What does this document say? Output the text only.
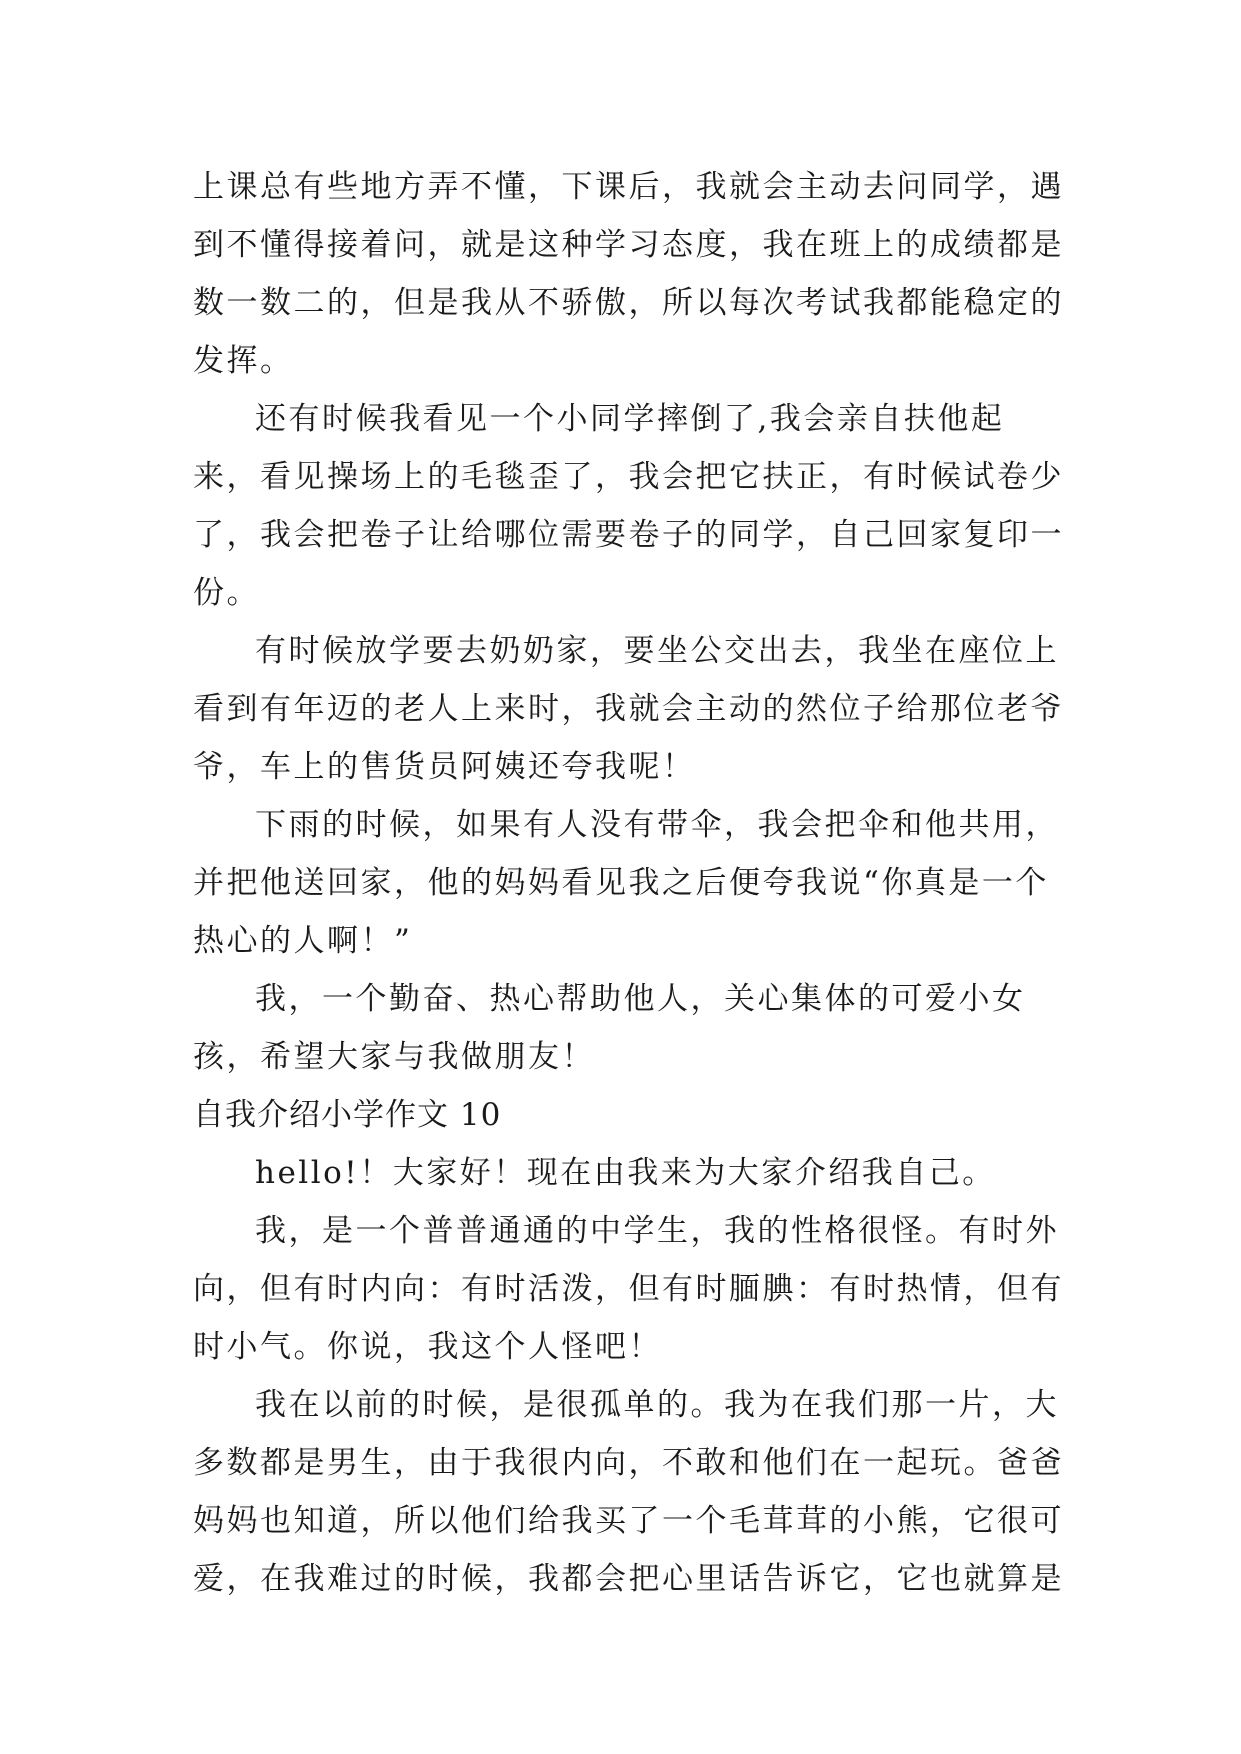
上课总有些地方弄不懂，下课后，我就会主动去问同学，遇到不懂得接着问，就是这种学习态度，我在班上的成绩都是数一数二的，但是我从不骄傲，所以每次考试我都能稳定的发挥。

还有时候我看见一个小同学摔倒了,我会亲自扶他起来，看见操场上的毛毯歪了，我会把它扶正，有时候试卷少了，我会把卷子让给哪位需要卷子的同学，自己回家复印一份。

有时候放学要去奶奶家，要坐公交出去，我坐在座位上看到有年迈的老人上来时，我就会主动的然位子给那位老爷爷，车上的售货员阿姨还夸我呢！

下雨的时候，如果有人没有带伞，我会把伞和他共用，并把他送回家，他的妈妈看见我之后便夸我说“你真是一个热心的人啊！”

我，一个勤奋、热心帮助他人，关心集体的可爱小女孩，希望大家与我做朋友！

自我介绍小学作文 10

hello!！大家好！现在由我来为大家介绍我自己。

我，是一个普普通通的中学生，我的性格很怪。有时外向，但有时内向：有时活泼，但有时腼腆：有时热情，但有时小气。你说，我这个人怪吧！

我在以前的时候，是很孤单的。我为在我们那一片，大多数都是男生，由于我很内向，不敢和他们在一起玩。爸爸妈妈也知道，所以他们给我买了一个毛茸茸的小熊，它很可爱，在我难过的时候，我都会把心里话告诉它，它也就算是
